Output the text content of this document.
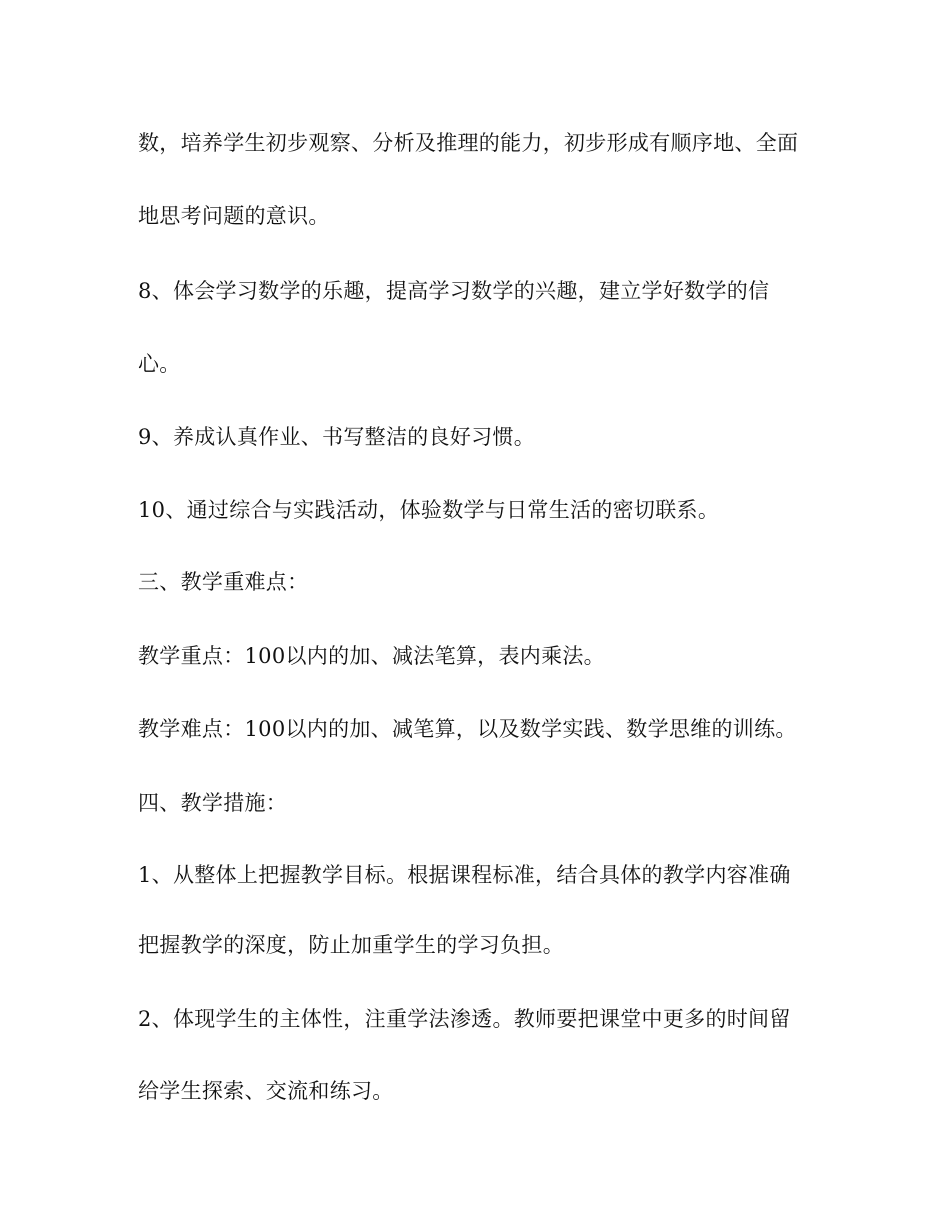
数，培养学生初步观察、分析及推理的能力，初步形成有顺序地、全面
地思考问题的意识。
8、体会学习数学的乐趣，提高学习数学的兴趣，建立学好数学的信
心。
9、养成认真作业、书写整洁的良好习惯。
10、通过综合与实践活动，体验数学与日常生活的密切联系。
三、教学重难点：
教学重点：100以内的加、减法笔算，表内乘法。
教学难点：100以内的加、减笔算，以及数学实践、数学思维的训练。
四、教学措施：
1、从整体上把握教学目标。根据课程标准，结合具体的教学内容准确
把握教学的深度，防止加重学生的学习负担。
2、体现学生的主体性，注重学法渗透。教师要把课堂中更多的时间留
给学生探索、交流和练习。
